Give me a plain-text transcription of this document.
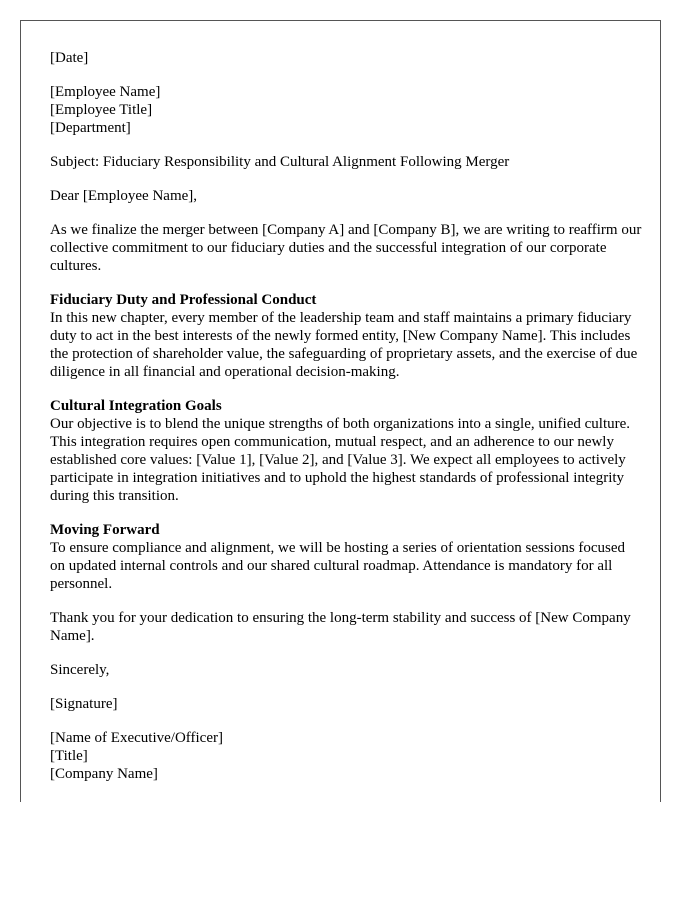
[Date]
[Employee Name]
[Employee Title]
[Department]

Subject: Fiduciary Responsibility and Cultural Alignment Following Merger

Dear [Employee Name],

As we finalize the merger between [Company A] and [Company B], we are writing to reaffirm our collective commitment to our fiduciary duties and the successful integration of our corporate cultures.

Fiduciary Duty and Professional Conduct

In this new chapter, every member of the leadership team and staff maintains a primary fiduciary duty to act in the best interests of the newly formed entity, [New Company Name]. This includes the protection of shareholder value, the safeguarding of proprietary assets, and the exercise of due diligence in all financial and operational decision-making.

Cultural Integration Goals

Our objective is to blend the unique strengths of both organizations into a single, unified culture. This integration requires open communication, mutual respect, and an adherence to our newly established core values: [Value 1], [Value 2], and [Value 3]. We expect all employees to actively participate in integration initiatives and to uphold the highest standards of professional integrity during this transition.

Moving Forward

To ensure compliance and alignment, we will be hosting a series of orientation sessions focused on updated internal controls and our shared cultural roadmap. Attendance is mandatory for all personnel.

Thank you for your dedication to ensuring the long-term stability and success of [New Company Name].

Sincerely,

[Signature]

[Name of Executive/Officer]
[Title]
[Company Name]
